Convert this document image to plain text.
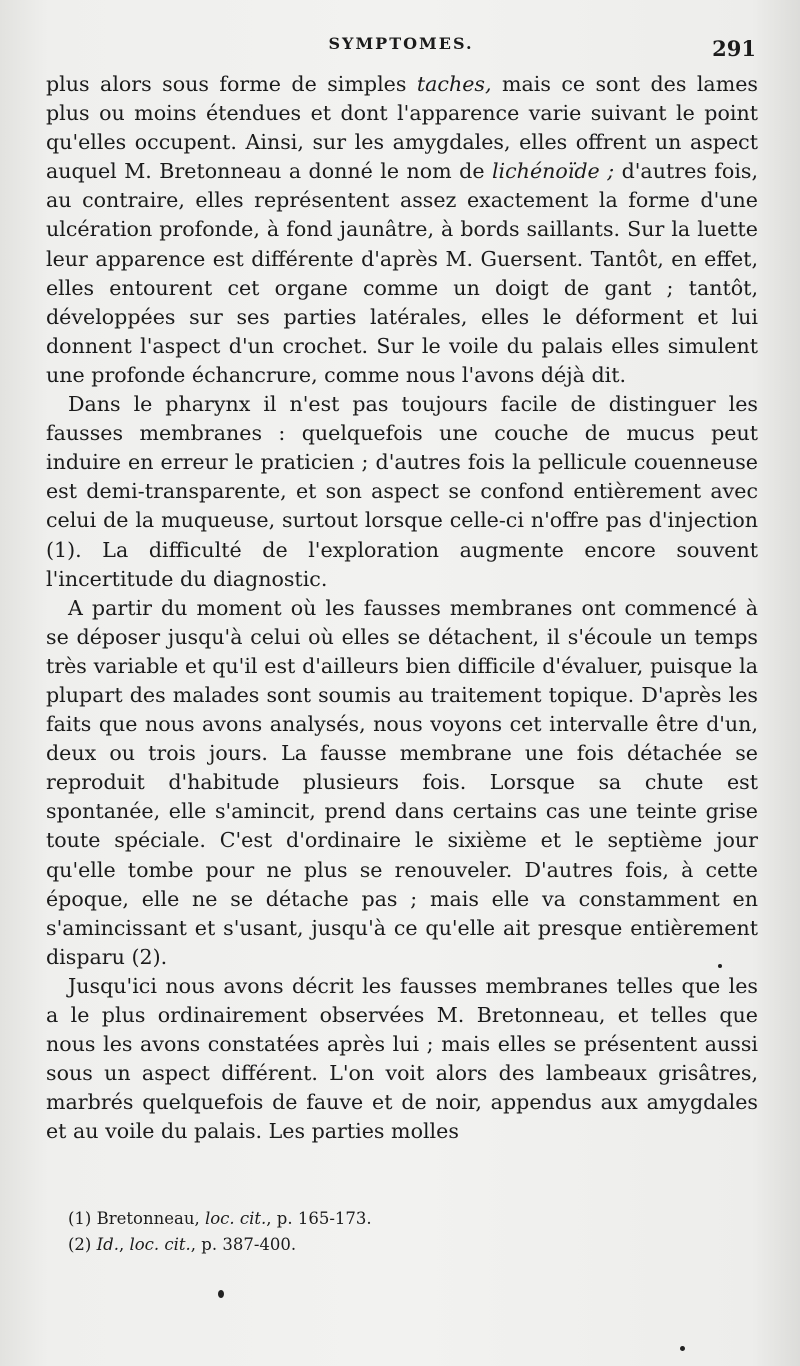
SYMPTOMES.	291

plus alors sous forme de simples taches, mais ce sont des lames plus ou moins étendues et dont l'apparence varie suivant le point qu'elles occupent. Ainsi, sur les amygdales, elles offrent un aspect auquel M. Bretonneau a donné le nom de lichénoïde ; d'autres fois, au contraire, elles représentent assez exactement la forme d'une ulcération profonde, à fond jaunâtre, à bords saillants. Sur la luette leur apparence est différente d'après M. Guersent. Tantôt, en effet, elles entourent cet organe comme un doigt de gant ; tantôt, développées sur ses parties latérales, elles le déforment et lui donnent l'aspect d'un crochet. Sur le voile du palais elles simulent une profonde échancrure, comme nous l'avons déjà dit.

Dans le pharynx il n'est pas toujours facile de distinguer les fausses membranes : quelquefois une couche de mucus peut induire en erreur le praticien ; d'autres fois la pellicule couenneuse est demi-transparente, et son aspect se confond entièrement avec celui de la muqueuse, surtout lorsque celle-ci n'offre pas d'injection (1). La difficulté de l'exploration augmente encore souvent l'incertitude du diagnostic.

A partir du moment où les fausses membranes ont commencé à se déposer jusqu'à celui où elles se détachent, il s'écoule un temps très variable et qu'il est d'ailleurs bien difficile d'évaluer, puisque la plupart des malades sont soumis au traitement topique. D'après les faits que nous avons analysés, nous voyons cet intervalle être d'un, deux ou trois jours. La fausse membrane une fois détachée se reproduit d'habitude plusieurs fois. Lorsque sa chute est spontanée, elle s'amincit, prend dans certains cas une teinte grise toute spéciale. C'est d'ordinaire le sixième et le septième jour qu'elle tombe pour ne plus se renouveler. D'autres fois, à cette époque, elle ne se détache pas ; mais elle va constamment en s'amincissant et s'usant, jusqu'à ce qu'elle ait presque entièrement disparu (2).

Jusqu'ici nous avons décrit les fausses membranes telles que les a le plus ordinairement observées M. Bretonneau, et telles que nous les avons constatées après lui ; mais elles se présentent aussi sous un aspect différent. L'on voit alors des lambeaux grisâtres, marbrés quelquefois de fauve et de noir, appendus aux amygdales et au voile du palais. Les parties molles

(1) Bretonneau, loc. cit., p. 165-173.
(2) Id., loc. cit., p. 387-400.
